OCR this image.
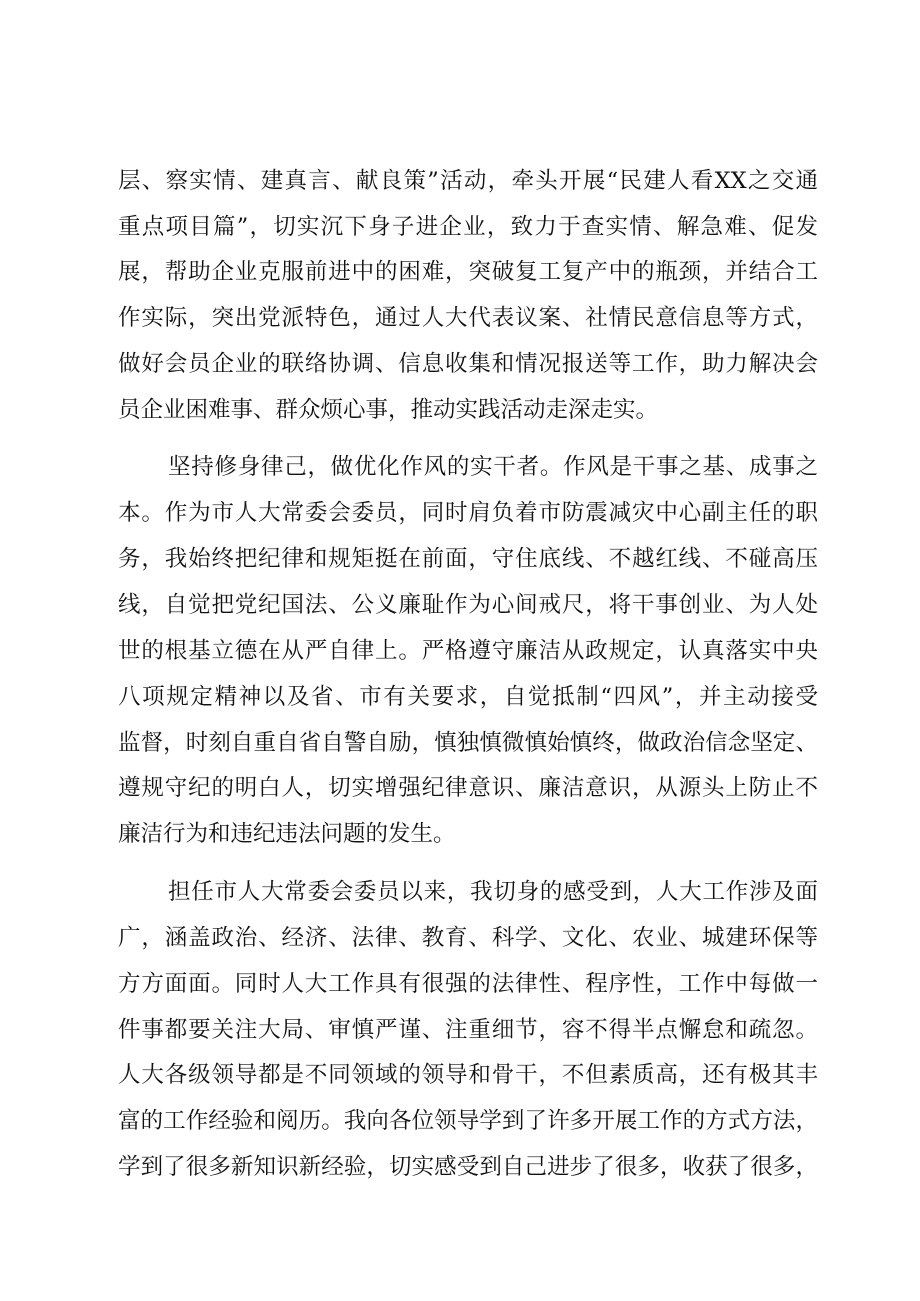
层、察实情、建真言、献良策”活动，牵头开展“民建人看XX之交通
重点项目篇”，切实沉下身子进企业，致力于查实情、解急难、促发
展，帮助企业克服前进中的困难，突破复工复产中的瓶颈，并结合工
作实际，突出党派特色，通过人大代表议案、社情民意信息等方式，
做好会员企业的联络协调、信息收集和情况报送等工作，助力解决会
员企业困难事、群众烦心事，推动实践活动走深走实。
坚持修身律己，做优化作风的实干者。作风是干事之基、成事之
本。作为市人大常委会委员，同时肩负着市防震减灾中心副主任的职
务，我始终把纪律和规矩挺在前面，守住底线、不越红线、不碰高压
线，自觉把党纪国法、公义廉耻作为心间戒尺，将干事创业、为人处
世的根基立德在从严自律上。严格遵守廉洁从政规定，认真落实中央
八项规定精神以及省、市有关要求，自觉抵制“四风”，并主动接受
监督，时刻自重自省自警自励，慎独慎微慎始慎终，做政治信念坚定、
遵规守纪的明白人，切实增强纪律意识、廉洁意识，从源头上防止不
廉洁行为和违纪违法问题的发生。
担任市人大常委会委员以来，我切身的感受到，人大工作涉及面
广，涵盖政治、经济、法律、教育、科学、文化、农业、城建环保等
方方面面。同时人大工作具有很强的法律性、程序性，工作中每做一
件事都要关注大局、审慎严谨、注重细节，容不得半点懈怠和疏忽。
人大各级领导都是不同领域的领导和骨干，不但素质高，还有极其丰
富的工作经验和阅历。我向各位领导学到了许多开展工作的方式方法，
学到了很多新知识新经验，切实感受到自己进步了很多，收获了很多，
